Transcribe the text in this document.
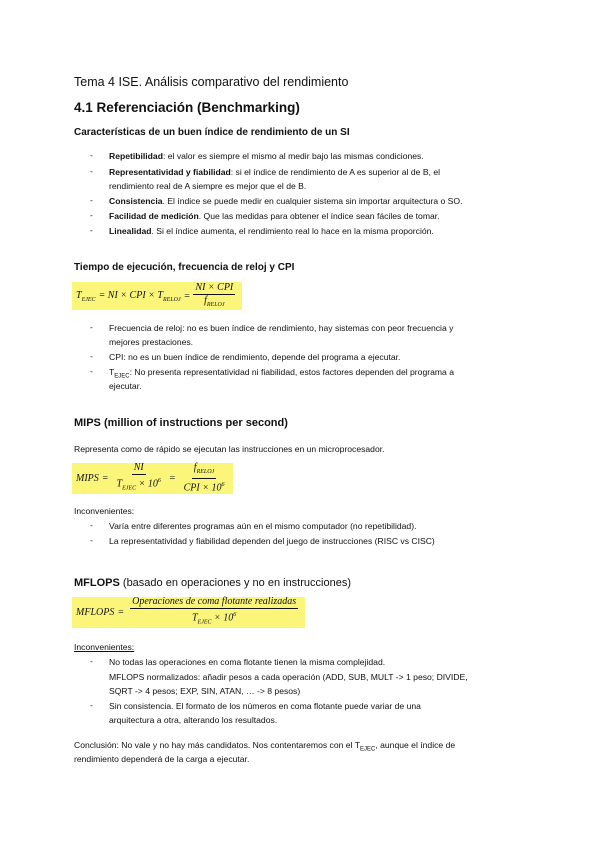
Tema 4 ISE. Análisis comparativo del rendimiento
4.1 Referenciación (Benchmarking)
Características de un buen índice de rendimiento de un SI
- Repetibilidad: el valor es siempre el mismo al medir bajo las mismas condiciones.
- Representatividad y fiabilidad: si el índice de rendimiento de A es superior al de B, el
rendimiento real de A siempre es mejor que el de B.
- Consistencia. El índice se puede medir en cualquier sistema sin importar arquitectura o SO.
- Facilidad de medición. Que las medidas para obtener el índice sean fáciles de tomar.
- Linealidad. Si el índice aumenta, el rendimiento real lo hace en la misma proporción.
Tiempo de ejecución, frecuencia de reloj y CPI
$T_{EJEC}$ = NI × CPI × $T_{RELOJ} = \frac{\text{NI × CPI}}{f_{RELOJ}}$
- Frecuencia de reloj: no es buen índice de rendimiento, hay sistemas con peor frecuencia y
mejores prestaciones.
- CPI: no es un buen índice de rendimiento, depende del programa a ejecutar.
- $T_{EJEC}$: No presenta representatividad ni fiabilidad, estos factores dependen del programa a
ejecutar.
MIPS (million of instructions per second)
Representa como de rápido se ejecutan las instrucciones en un microprocesador.
MIPS = $\frac{NI}{T_{EJEC} \times 10^6} = \frac{f_{RELOJ}}{CPI \times 10^6}$
Inconvenientes:
- Varía entre diferentes programas aún en el mismo computador (no repetibilidad).
- La representatividad y fiabilidad dependen del juego de instrucciones (RISC vs CISC)
MFLOPS (basado en operaciones y no en instrucciones)
MFLOPS = $\frac{\text{Operaciones de coma flotante realizadas}}{T_{EJEC} \times 10^6}$
Inconvenientes:
- No todas las operaciones en coma flotante tienen la misma complejidad.
MFLOPS normalizados: añadir pesos a cada operación (ADD, SUB, MULT -> 1 peso; DIVIDE,
SQRT -> 4 pesos; EXP, SIN, ATAN, … -> 8 pesos)
- Sin consistencia. El formato de los números en coma flotante puede variar de una
arquitectura a otra, alterando los resultados.
Conclusión: No vale y no hay más candidatos. Nos contentaremos con el $T_{EJEC}$, aunque el índice de
rendimiento dependerá de la carga a ejecutar.
